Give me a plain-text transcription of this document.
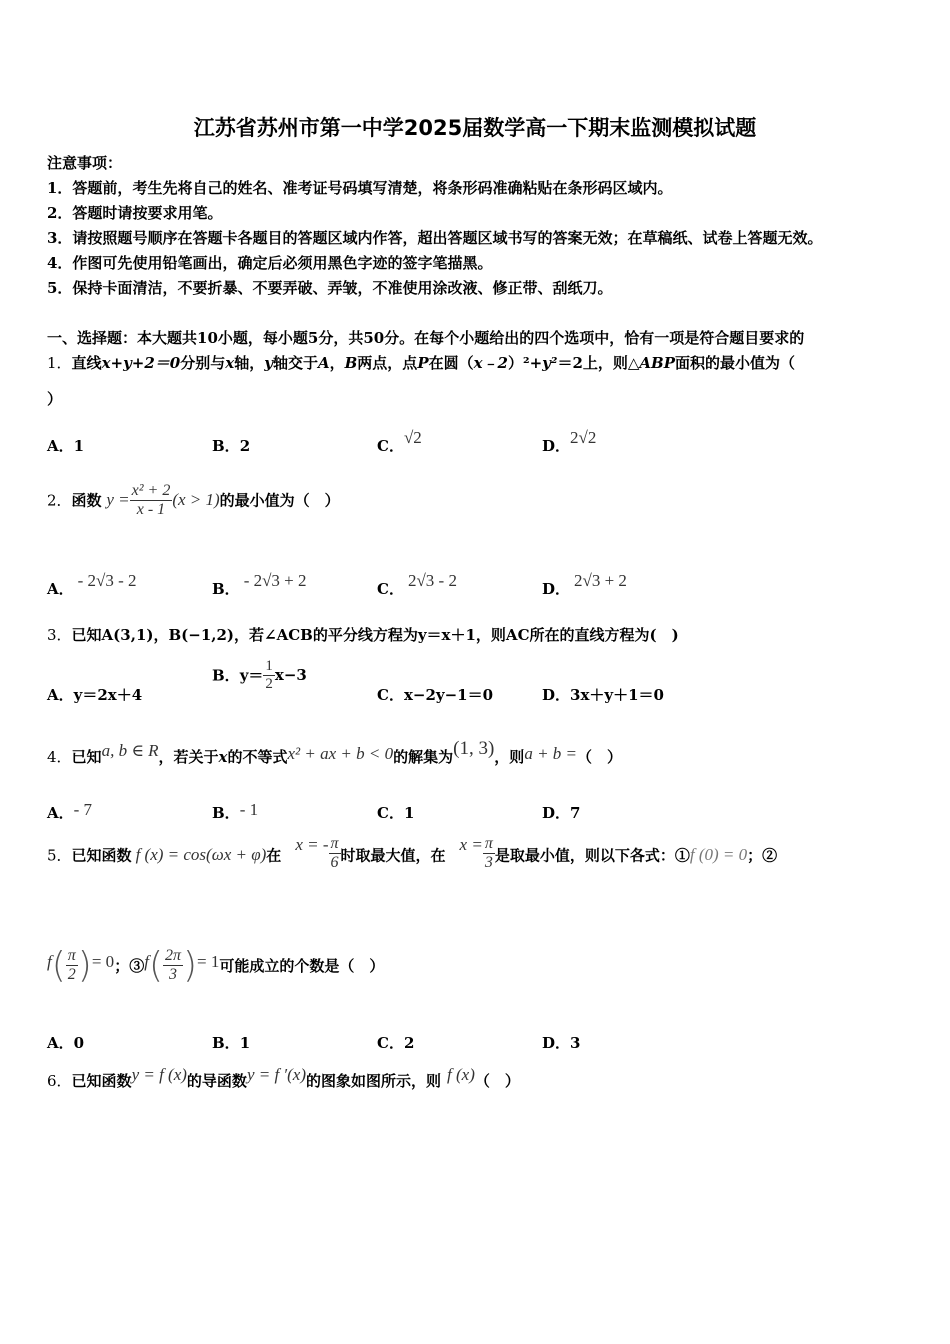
江苏省苏州市第一中学2025届数学高一下期末监测模拟试题
注意事项：
1．答题前，考生先将自己的姓名、准考证号码填写清楚，将条形码准确粘贴在条形码区域内。
2．答题时请按要求用笔。
3．请按照题号顺序在答题卡各题目的答题区域内作答，超出答题区域书写的答案无效；在草稿纸、试卷上答题无效。
4．作图可先使用铅笔画出，确定后必须用黑色字迹的签字笔描黑。
5．保持卡面清洁，不要折暴、不要弄破、弄皱，不准使用涂改液、修正带、刮纸刀。
一、选择题：本大题共10小题，每小题5分，共50分。在每个小题给出的四个选项中，恰有一项是符合题目要求的
1．直线x+y+2＝0分别与x轴，y轴交于A，B两点，点P在圆（x﹣2）²+y²＝2上，则△ABP面积的最小值为（
）
A．1	B．2	C．√2	D．2√2
2．函数 $y = \frac{\text{x² + 2}}{x - 1} (x > 1)$的最小值为（　）
A． - 2√3 - 2	B． - 2√3 + 2	C． 2√3 - 2	D． 2√3 + 2
3．已知A(3,1)，B(−1,2)，若∠ACB的平分线方程为y＝x＋1，则AC所在的直线方程为(　)
A．y＝2x＋4
B．$y= \frac{1}{2} x-3$
C．x−2y−1＝0	D．3x＋y＋1＝0
4．已知a, b ∈ R，若关于x的不等式x² + ax + b < 0的解集为(1, 3)，则a + b =（　）
A．- 7	B．- 1	C．1	D．7
5．已知函数 f (x) = cos(ωx + φ)在x = - $\frac{\pi}{6}$ 时取最大值，在$x = \frac{\pi}{3}$ 是取最小值，则以下各式：①f (0) = 0；②
$f( \frac{\pi}{2}$ )= 0；③f( $\frac{2\pi}{3}$ )= 1可能成立的个数是（　）
A．0	B．1	C．2	D．3
6．已知函数y = f (x)的导函数y = f ′(x)的图象如图所示，则 f (x)（　）
